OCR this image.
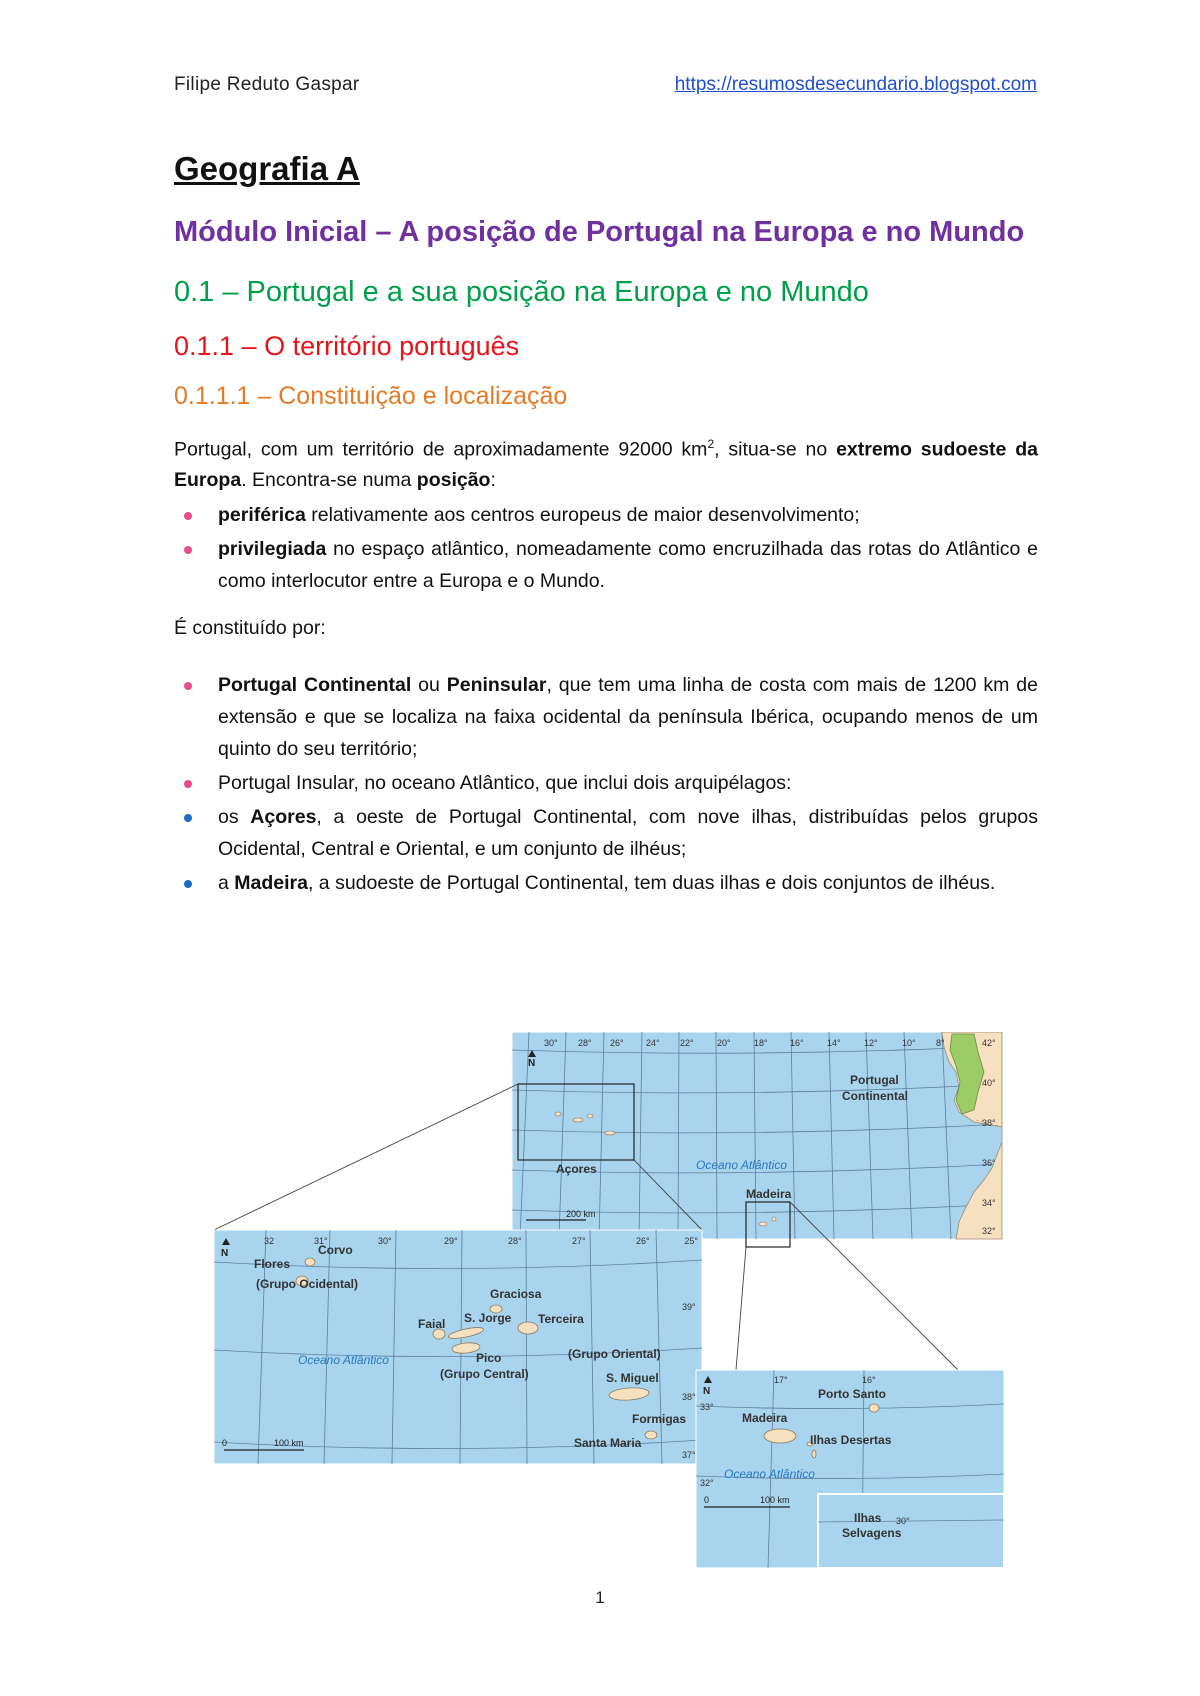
Filipe Reduto Gaspar	https://resumosdesecundario.blogspot.com
Geografia A
Módulo Inicial – A posição de Portugal na Europa e no Mundo
0.1 – Portugal e a sua posição na Europa e no Mundo
0.1.1 – O território português
0.1.1.1 – Constituição e localização

Portugal, com um território de aproximadamente 92000 $km^2$, situa-se no extremo sudoeste da Europa. Encontra-se numa posição:

periférica relativamente aos centros europeus de maior desenvolvimento;
privilegiada no espaço atlântico, nomeadamente como encruzilhada das rotas do Atlântico e como interlocutor entre a Europa e o Mundo.

É constituído por:

Portugal Continental ou Peninsular, que tem uma linha de costa com mais de 1200 km de extensão e que se localiza na faixa ocidental da península Ibérica, ocupando menos de um quinto do seu território;
Portugal Insular, no oceano Atlântico, que inclui dois arquipélagos:
os Açores, a oeste de Portugal Continental, com nove ilhas, distribuídas pelos grupos Ocidental, Central e Oriental, e um conjunto de ilhéus;
a Madeira, a sudoeste de Portugal Continental, tem duas ilhas e dois conjuntos de ilhéus.
30° 28° 26° 24° 22°	20°	18° 16°	14°	12°	10° 8°	42°
40°
38°
36°
34°
32°
N
Portugal Continental
Açores
Madeira
Oceano Atlântico
200 km
32	31°	30°	29°	28°	27°	26°	25°
39°
38°
37°
N	Corvo
Flores
(Grupo Ocidental)
Graciosa
S. Jorge Terceira
Faial
Pico
(Grupo Central)
(Grupo Oriental)
S. Miguel
Formigas
Santa Maria
Oceano Atlântico
0	100 km
17°	16°
33°
32°
N	Porto Santo
Madeira
Ilhas Desertas
Oceano Atlântico
0	100 km
Ilhas Selvagens
30°
1
